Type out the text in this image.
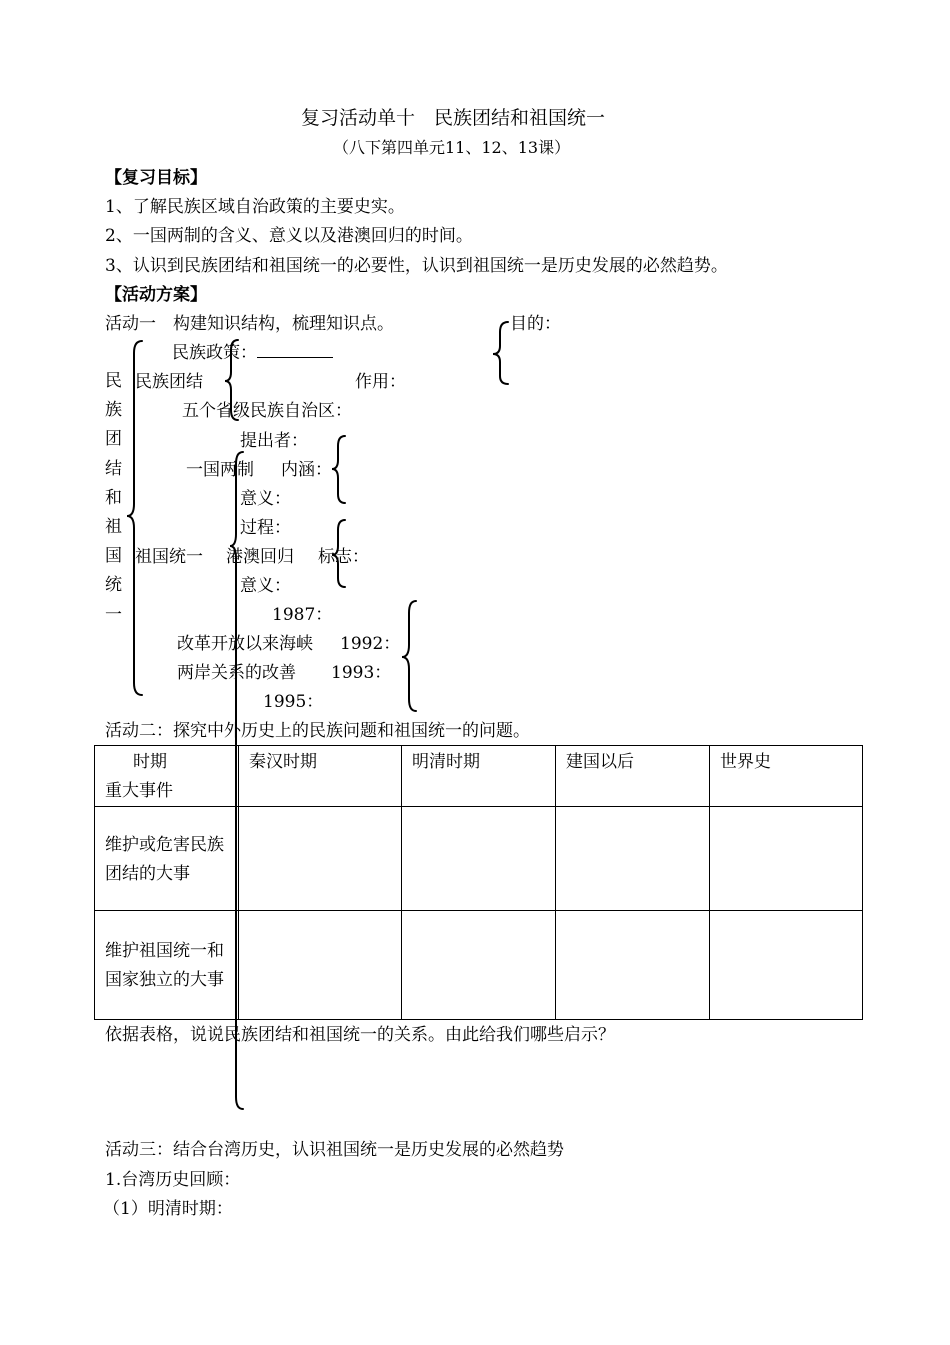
复习活动单十　民族团结和祖国统一
（八下第四单元11、12、13课）
【复习目标】
1、了解民族区域自治政策的主要史实。
2、一国两制的含义、意义以及港澳回归的时间。
3、认识到民族团结和祖国统一的必要性，认识到祖国统一是历史发展的必然趋势。
【活动方案】
活动一　构建知识结构，梳理知识点。	目的：
民族团结和祖国统一
民族政策：
民族团结	作用：
五个省级民族自治区：
提出者：
一国两制 内涵：
意义：
过程：
祖国统一 港澳回归 标志：
意义：
1987：
改革开放以来海峡 1992：
两岸关系的改善 1993：
1995：
活动二：探究中外历史上的民族问题和祖国统一的问题。
时期
重大事件	秦汉时期	明清时期	建国以后	世界史
维护或危害民族团结的大事				
维护祖国统一和国家独立的大事				
依据表格，说说民族团结和祖国统一的关系。由此给我们哪些启示？
活动三：结合台湾历史，认识祖国统一是历史发展的必然趋势
1.台湾历史回顾：
（1）明清时期：
